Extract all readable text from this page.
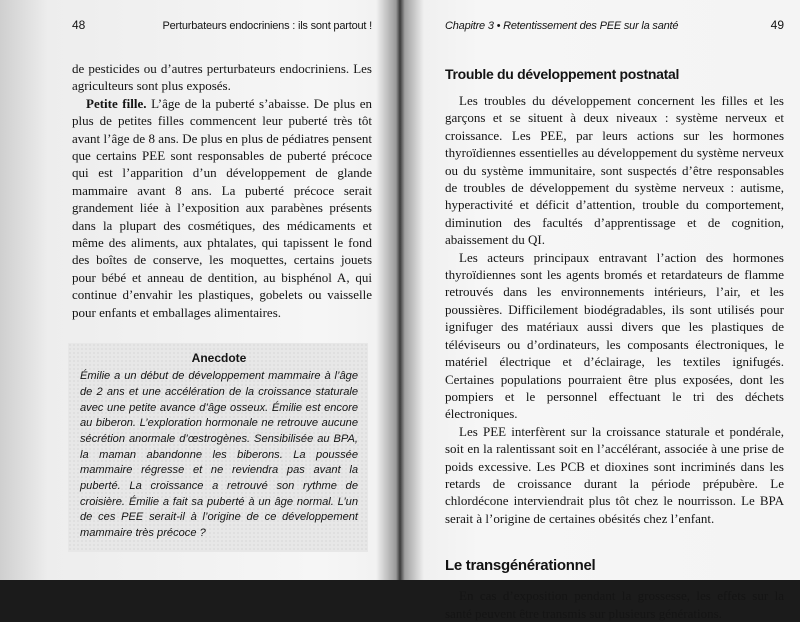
48	Perturbateurs endocriniens : ils sont partout !

de pesticides ou d’autres perturbateurs endocriniens. Les agriculteurs sont plus exposés.

Petite fille. L’âge de la puberté s’abaisse. De plus en plus de petites filles commencent leur puberté très tôt avant l’âge de 8 ans. De plus en plus de pédiatres pensent que certains PEE sont responsables de puberté précoce qui est l’apparition d’un développement de glande mammaire avant 8 ans. La puberté précoce serait grandement liée à l’exposition aux parabènes présents dans la plupart des cosmétiques, des médicaments et même des aliments, aux phtalates, qui tapissent le fond des boîtes de conserve, les moquettes, certains jouets pour bébé et anneau de dentition, au bisphénol A, qui continue d’envahir les plastiques, gobelets ou vaisselle pour enfants et emballages alimentaires.

Anecdote

Émilie a un début de développement mammaire à l’âge de 2 ans et une accélération de la croissance staturale avec une petite avance d’âge osseux. Émilie est encore au biberon. L’exploration hormonale ne retrouve aucune sécrétion anormale d’œstrogènes. Sensibilisée au BPA, la maman abandonne les biberons. La poussée mammaire régresse et ne reviendra pas avant la puberté. La croissance a retrouvé son rythme de croisière. Émilie a fait sa puberté à un âge normal. L’un de ces PEE serait-il à l’origine de ce développement mammaire très précoce ?

Chapitre 3 • Retentissement des PEE sur la santé	49
Trouble du développement postnatal

Les troubles du développement concernent les filles et les garçons et se situent à deux niveaux : système nerveux et croissance. Les PEE, par leurs actions sur les hormones thyroïdiennes essentielles au développement du système nerveux ou du système immunitaire, sont suspectés d’être responsables de troubles de développement du système nerveux : autisme, hyperactivité et déficit d’attention, trouble du comportement, diminution des facultés d’apprentissage et de cognition, abaissement du QI.

Les acteurs principaux entravant l’action des hormones thyroïdiennes sont les agents bromés et retardateurs de flamme retrouvés dans les environnements intérieurs, l’air, et les poussières. Difficilement biodégradables, ils sont utilisés pour ignifuger des matériaux aussi divers que les plastiques de téléviseurs ou d’ordinateurs, les composants électroniques, le matériel électrique et d’éclairage, les textiles ignifugés. Certaines populations pourraient être plus exposées, dont les pompiers et le personnel effectuant le tri des déchets électroniques.

Les PEE interfèrent sur la croissance staturale et pondérale, soit en la ralentissant soit en l’accélérant, associée à une prise de poids excessive. Les PCB et dioxines sont incriminés dans les retards de croissance durant la période prépubère. Le chlordécone interviendrait plus tôt chez le nourrisson. Le BPA serait à l’origine de certaines obésités chez l’enfant.

Le transgénérationnel

En cas d’exposition pendant la grossesse, les effets sur la santé peuvent être transmis sur plusieurs générations.
